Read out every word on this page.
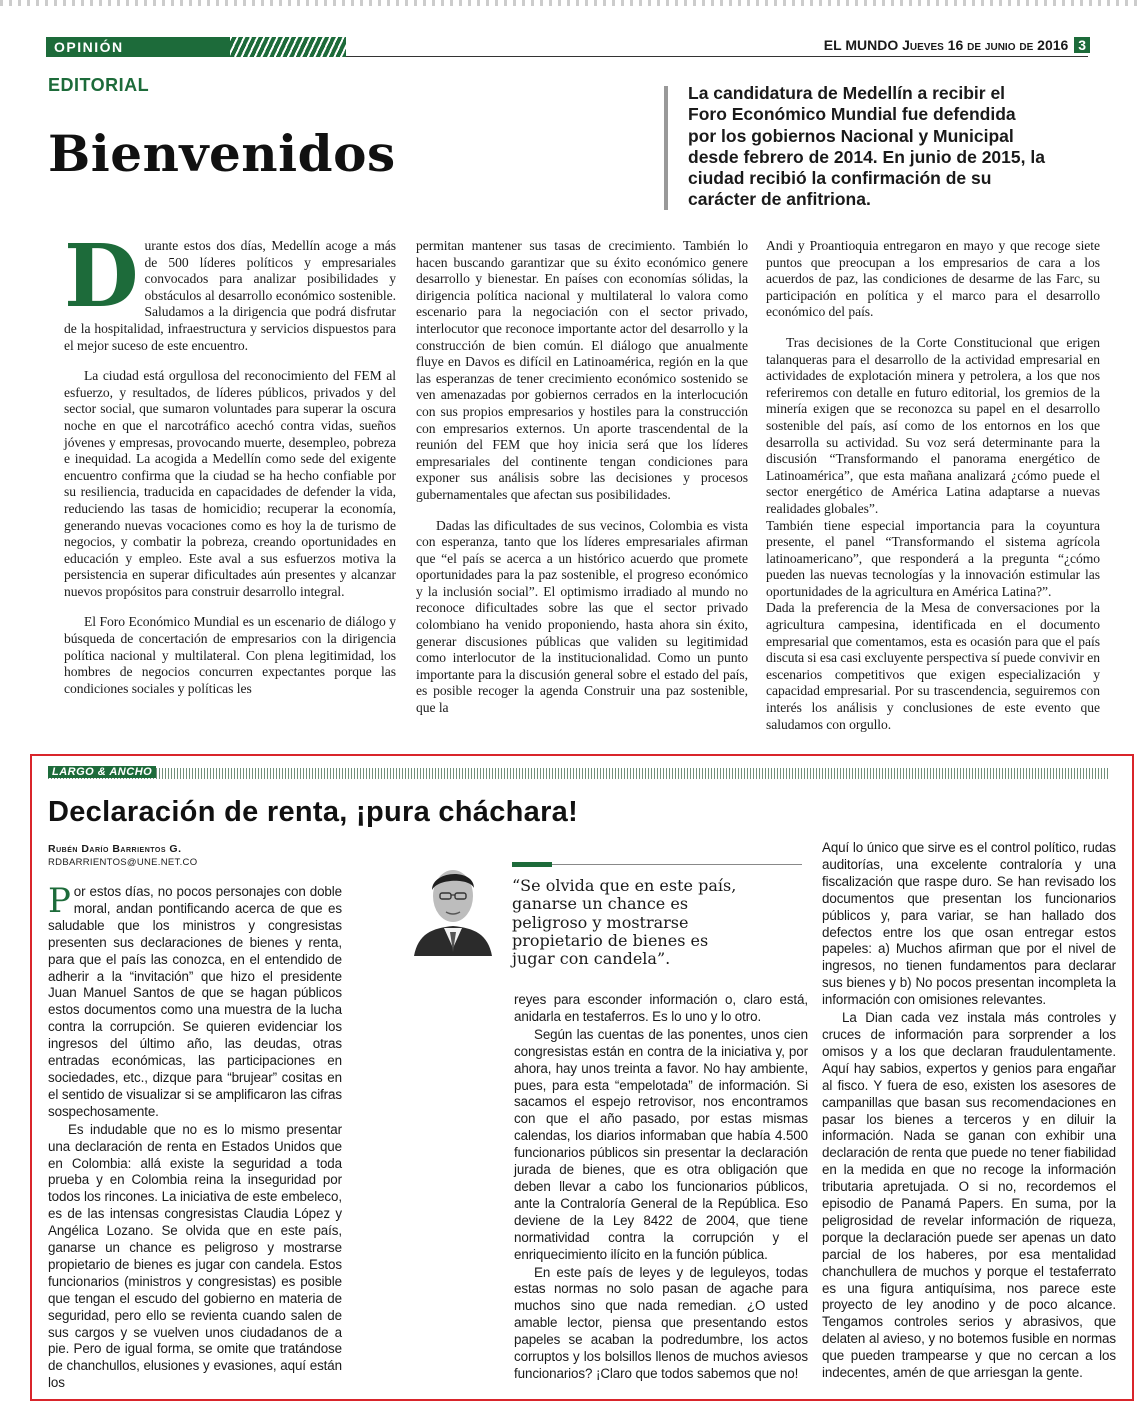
OPINIÓN	EL MUNDO Jueves 16 de junio de 2016 3
EDITORIAL
Bienvenidos
La candidatura de Medellín a recibir el Foro Económico Mundial fue defendida por los gobiernos Nacional y Municipal desde febrero de 2014. En junio de 2015, la ciudad recibió la confirmación de su carácter de anfitriona.

Durante estos dos días, Medellín acoge a más de 500 líderes políticos y empresariales convocados para analizar posibilidades y obstáculos al desarrollo económico sostenible. Saludamos a la dirigencia que podrá disfrutar de la hospitalidad, infraestructura y servicios dispuestos para el mejor suceso de este encuentro.

La ciudad está orgullosa del reconocimiento del FEM al esfuerzo, y resultados, de líderes públicos, privados y del sector social, que sumaron voluntades para superar la oscura noche en que el narcotráfico acechó contra vidas, sueños jóvenes y empresas, provocando muerte, desempleo, pobreza e inequidad. La acogida a Medellín como sede del exigente encuentro confirma que la ciudad se ha hecho confiable por su resiliencia, traducida en capacidades de defender la vida, reduciendo las tasas de homicidio; recuperar la economía, generando nuevas vocaciones como es hoy la de turismo de negocios, y combatir la pobreza, creando oportunidades en educación y empleo. Este aval a sus esfuerzos motiva la persistencia en superar dificultades aún presentes y alcanzar nuevos propósitos para construir desarrollo integral.

El Foro Económico Mundial es un escenario de diálogo y búsqueda de concertación de empresarios con la dirigencia política nacional y multilateral. Con plena legitimidad, los hombres de negocios concurren expectantes porque las condiciones sociales y políticas les

permitan mantener sus tasas de crecimiento. También lo hacen buscando garantizar que su éxito económico genere desarrollo y bienestar. En países con economías sólidas, la dirigencia política nacional y multilateral lo valora como escenario para la negociación con el sector privado, interlocutor que reconoce importante actor del desarrollo y la construcción de bien común. El diálogo que anualmente fluye en Davos es difícil en Latinoamérica, región en la que las esperanzas de tener crecimiento económico sostenido se ven amenazadas por gobiernos cerrados en la interlocución con sus propios empresarios y hostiles para la construcción con empresarios externos. Un aporte trascendental de la reunión del FEM que hoy inicia será que los líderes empresariales del continente tengan condiciones para exponer sus análisis sobre las decisiones y procesos gubernamentales que afectan sus posibilidades.

Dadas las dificultades de sus vecinos, Colombia es vista con esperanza, tanto que los líderes empresariales afirman que “el país se acerca a un histórico acuerdo que promete oportunidades para la paz sostenible, el progreso económico y la inclusión social”. El optimismo irradiado al mundo no reconoce dificultades sobre las que el sector privado colombiano ha venido proponiendo, hasta ahora sin éxito, generar discusiones públicas que validen su legitimidad como interlocutor de la institucionalidad. Como un punto importante para la discusión general sobre el estado del país, es posible recoger la agenda Construir una paz sostenible, que la

Andi y Proantioquia entregaron en mayo y que recoge siete puntos que preocupan a los empresarios de cara a los acuerdos de paz, las condiciones de desarme de las Farc, su participación en política y el marco para el desarrollo económico del país.

Tras decisiones de la Corte Constitucional que erigen talanqueras para el desarrollo de la actividad empresarial en actividades de explotación minera y petrolera, a los que nos referiremos con detalle en futuro editorial, los gremios de la minería exigen que se reconozca su papel en el desarrollo sostenible del país, así como de los entornos en los que desarrolla su actividad. Su voz será determinante para la discusión “Transformando el panorama energético de Latinoamérica”, que esta mañana analizará ¿cómo puede el sector energético de América Latina adaptarse a nuevas realidades globales”.

También tiene especial importancia para la coyuntura presente, el panel “Transformando el sistema agrícola latinoamericano”, que responderá a la pregunta “¿cómo pueden las nuevas tecnologías y la innovación estimular las oportunidades de la agricultura en América Latina?”.

Dada la preferencia de la Mesa de conversaciones por la agricultura campesina, identificada en el documento empresarial que comentamos, esta es ocasión para que el país discuta si esa casi excluyente perspectiva sí puede convivir en escenarios competitivos que exigen especialización y capacidad empresarial. Por su trascendencia, seguiremos con interés los análisis y conclusiones de este evento que saludamos con orgullo.

LARGO & ANCHO
Declaración de renta, ¡pura cháchara!
Rubén Darío Barrientos G.
RDBARRIENTOS@UNE.NET.CO

Por estos días, no pocos personajes con doble moral, andan pontificando acerca de que es saludable que los ministros y congresistas presenten sus declaraciones de bienes y renta, para que el país las conozca, en el entendido de adherir a la “invitación” que hizo el presidente Juan Manuel Santos de que se hagan públicos estos documentos como una muestra de la lucha contra la corrupción. Se quieren evidenciar los ingresos del último año, las deudas, otras entradas económicas, las participaciones en sociedades, etc., dizque para “brujear” cositas en el sentido de visualizar si se amplificaron las cifras sospechosamente.

Es indudable que no es lo mismo presentar una declaración de renta en Estados Unidos que en Colombia: allá existe la seguridad a toda prueba y en Colombia reina la inseguridad por todos los rincones. La iniciativa de este embeleco, es de las intensas congresistas Claudia López y Angélica Lozano. Se olvida que en este país, ganarse un chance es peligroso y mostrarse propietario de bienes es jugar con candela. Estos funcionarios (ministros y congresistas) es posible que tengan el escudo del gobierno en materia de seguridad, pero ello se revienta cuando salen de sus cargos y se vuelven unos ciudadanos de a pie. Pero de igual forma, se omite que tratándose de chanchullos, elusiones y evasiones, aquí están los

“Se olvida que en este país, ganarse un chance es peligroso y mostrarse propietario de bienes es jugar con candela”.

reyes para esconder información o, claro está, anidarla en testaferros. Es lo uno y lo otro.

Según las cuentas de las ponentes, unos cien congresistas están en contra de la iniciativa y, por ahora, hay unos treinta a favor. No hay ambiente, pues, para esta “empelotada” de información. Si sacamos el espejo retrovisor, nos encontramos con que el año pasado, por estas mismas calendas, los diarios informaban que había 4.500 funcionarios públicos sin presentar la declaración jurada de bienes, que es otra obligación que deben llevar a cabo los funcionarios públicos, ante la Contraloría General de la República. Eso deviene de la Ley 8422 de 2004, que tiene normatividad contra la corrupción y el enriquecimiento ilícito en la función pública.

En este país de leyes y de leguleyos, todas estas normas no solo pasan de agache para muchos sino que nada remedian. ¿O usted amable lector, piensa que presentando estos papeles se acaban la podredumbre, los actos corruptos y los bolsillos llenos de muchos aviesos funcionarios? ¡Claro que todos sabemos que no!

Aquí lo único que sirve es el control político, rudas auditorías, una excelente contraloría y una fiscalización que raspe duro. Se han revisado los documentos que presentan los funcionarios públicos y, para variar, se han hallado dos defectos entre los que osan entregar estos papeles: a) Muchos afirman que por el nivel de ingresos, no tienen fundamentos para declarar sus bienes y b) No pocos presentan incompleta la información con omisiones relevantes.

La Dian cada vez instala más controles y cruces de información para sorprender a los omisos y a los que declaran fraudulentamente. Aquí hay sabios, expertos y genios para engañar al fisco. Y fuera de eso, existen los asesores de campanillas que basan sus recomendaciones en pasar los bienes a terceros y en diluir la información. Nada se ganan con exhibir una declaración de renta que puede no tener fiabilidad en la medida en que no recoge la información tributaria apretujada. O si no, recordemos el episodio de Panamá Papers. En suma, por la peligrosidad de revelar información de riqueza, porque la declaración puede ser apenas un dato parcial de los haberes, por esa mentalidad chanchullera de muchos y porque el testaferrato es una figura antiquísima, nos parece este proyecto de ley anodino y de poco alcance. Tengamos controles serios y abrasivos, que delaten al avieso, y no botemos fusible en normas que pueden trampearse y que no cercan a los indecentes, amén de que arriesgan la gente.
